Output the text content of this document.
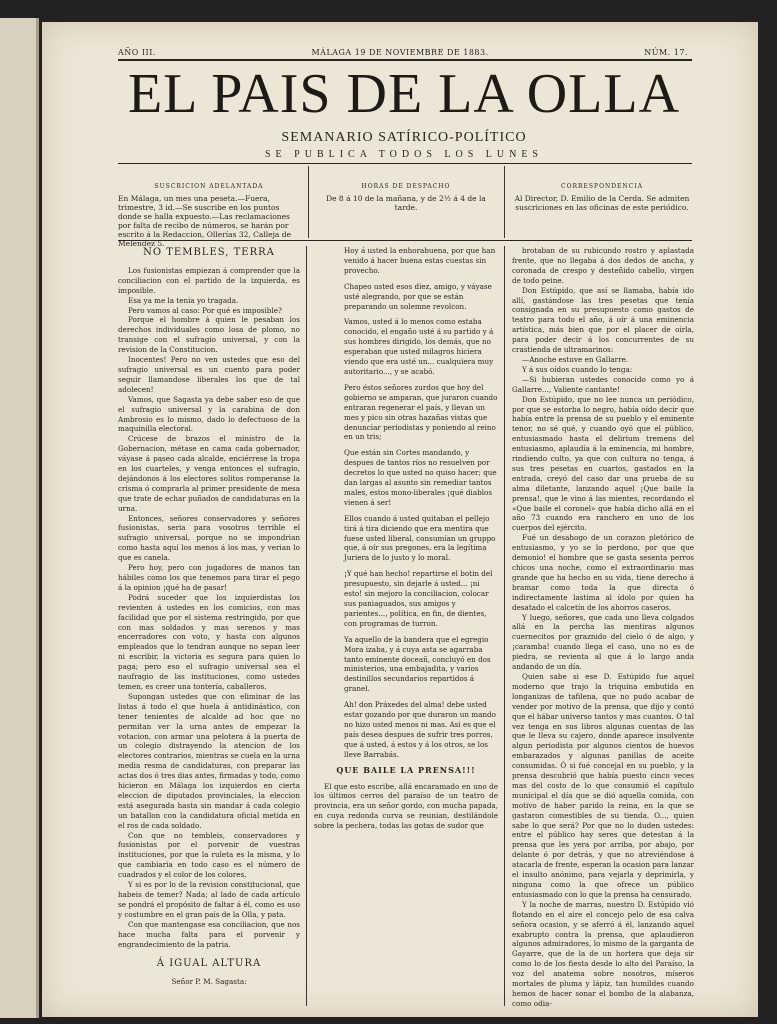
AÑO III.	MÁLAGA 19 DE NOVIEMBRE DE 1883.	NÚM. 17.
EL PAIS DE LA OLLA
SEMANARIO SATÍRICO-POLÍTICO
SE PUBLICA TODOS LOS LUNES
SUSCRICION ADELANTADA
En Málaga, un mes una peseta.—Fuera, trimestre, 3 id.—Se suscribe en los puntos donde se halla expuesto.—Las reclamaciones por falta de recibo de números, se harán por escrito á la Redaccion, Ollerías 32, Calleja de Melendez 5.
HORAS DE DESPACHO
De 8 á 10 de la mañana, y de 2½ á 4 de la tarde.
CORRESPONDENCIA
Al Director, D. Emilio de la Cerda. Se admiten suscriciones en las oficinas de este periódico.
NO TEMBLES, TERRA

Los fusionistas empiezan á comprender que la conciliacion con el partido de la izquierda, es imposible.

Esa ya me la tenia yo tragada.

Pero vamos al caso: Por qué es imposible?

Porque el hombre á quien le pesaban los derechos individuales como losa de plomo, no transige con el sufragio universal, y con la revision de la Constitucion.

Inocentes! Pero no ven ustedes que eso del sufragio universal es un cuento para poder seguir llamandose liberales los que de tal adolecen!

Vamos, que Sagasta ya debe saber eso de que el sufragio universal y la carabina de don Ambrosio es lo mismo, dado lo defectuoso de la maquinilla electoral.

Crúcese de brazos el ministro de la Gobernacion, métase en cama cada gobernador, váyase á paseo cada alcalde, enciérrese la tropa en los cuarteles, y venga entonces el sufragio, dejándonos á los electores solitos romperanse la crisma ó comprarla al primer presidente de mesa que trate de echar puñados de candidaturas en la urna.

Entonces, señores conservadores y señores fusionistas, seria para vosotros terrible el sufragio universal, porque no se impondrian como hasta aquí los menos á los mas, y verian lo que es canela.

Pero hoy, pero con jugadores de manos tan hábiles como los que tenemos para tirar el pego á la opinion ¡qué ha de pasar!

Podrá suceder que los izquierdistas los revienten á ustedes en los comicios, con mas facilidad que por el sistema restringido, por que con mas soldados y mas serenos y mas encerradores con voto, y hasta con algunos empleados que lo tendran aunque no sepan leer ni escribir, la victoria es segura para quien lo paga; pero eso el sufragio universal sea el naufragio de las instituciones, como ustedes temen, es creer una tontería, caballeros.

Supongan ustedes que con eliminar de las listas á todo el que huela á antidinástico, con tener tenientes de alcalde ad hoc que no permitan ver la urna antes de empezar la votacion, con armar una pelotera á la puerta de un colegio distrayendo la atencion de los electores contrarios, mientras se cuela en la urna media resma de candidaturas, con preparar las actas dos ó tres dias antes, firmadas y todo, como hicieron en Málaga los izquierdos en cierta eleccion de diputados provinciales, la eleccion está asegurada hasta sin mandar á cada colegio un batallon con la candidatura oficial metida en el ros de cada soldado.

Con que no tembleis, conservadores y fusionistas por el porvenir de vuestras instituciones, por que la ruleta es la misma, y lo que cambiaria en todo caso es el número de cuadrados y el color de los colores.

Y si es por lo de la revision constitucional, que habeis de temer? Nada; al lado de cada artículo se pondrá el propósito de faltar á él, como es uso y costumbre en el gran país de la Olla, y pata.

Con que mantengase esa conciliacion, que nos hace mucha falta para el porvenir y engrandecimiento de la patria.

Á IGUAL ALTURA

Señor P. M. Sagasta:

Hoy á usted la enhorabuena, por que han venido á hacer buena estas cuestas sin provecho.

Chapeo usted esos diez, amigo, y váyase usté alegrando, por que se están preparando un solemne revolcon.

Vamos, usted á lo menos como estaba conocido, el engaño usté á su partido y á sus hombres dirigido, los demás, que no esperaban que usted milagros hiciera viendo que era usté un... cualquiera muy autoritario..., y se acabó.

Pero éstos señores zurdos que hoy del gobierno se amparan, que juraron cuando entraran regenerar el país, y llevan un mes y pico sin otras hazañas vistas que denunciar periodistas y poniendo al reino en un tris;

Que están sin Cortes mandando, y despues de tantos ríos no resuelven por decretos lo que usted no quiso hacer; que dan largas al asunto sin remediar tantos males, estos mono-liberales ¡qué diablos vienen á ser!

Ellos cuando á usted quitaban el pellejo tirá á tira diciendo que era mentira que fuese usted liberal, consumían un gruppo que, á oír sus pregones, era la legítima Juriera de lo justo y lo moral.

¡Y qué han hecho! repartirse el botin del presupuesto, sin dejarle á usted... ¡ni esto! sin mejoro la conciliacion, colocar sus paniaguados, sus amigos y parientes..., política, en fin, de dientes, con programas de turron.

Ya aquello de la bandera que el egregio Mora izaba, y á cuya asta se agarraba tanto eminente doceañ, concluyó en dos ministerios, una embajadita, y varios destinillos secundarios repartidos á granel.

Ah! don Práxedes del alma! debe usted estar gozando por que duraron un mando no hizo usted menos ni mas. Asi es que el país desea despues de sufrir tres porros, que á usted, á estos y á los otros, se los lleve Barrabás.

QUE BAILE LA PRENSA!!!

El que esto escribe, allá encaramado en uno de los últimos cerros del paraíso de un teatro de provincia, era un señor gordo, con mucha papada, en cuya redonda curva se reunian, destilándole sobre la pechera, todas las gotas de sudor que

brotaban de su rubicundo rostro y aplastada frente, que no llegaba á dos dedos de ancha, y coronada de crespo y desteñido cabello, virgen de todo peine.

Don Estúpido, que así se llamaba, había ido allí, gastándose las tres pesetas que tenía consignada en su presupuesto como gastos de teatro para todo el año, á oír á una eminencia artística, más bien que por el placer de oírla, para poder decir á los concurrentes de su crastienda de ultramarinos:

—Anoche estuve en Gallarre.

Y á sus oídos cuando lo tenga:

—Si hubieran ustedes conocido como yo á Gallarre..., Valiente cantante!

Don Estúpido, que no lee nunca un periódico, por que se estorba lo negro, había oído decir que había entre la prensa de su pueblo y el eminente tenor, no sé qué, y cuando oyó que el público, entusiasmado hasta el delirium tremens del entusiasmo, aplaudía á la eminencia, mi hombre, rindiendo culto, ya que con cultura no tenga, á sus tres pesetas en cuartos, gastados en la entrada, creyó del caso dar una prueba de su alma diletante, lanzando aquel ¡Que baile la prensa!, que le vino á las mientes, recordando el «Que baile el coronel» que había dicho allá en el año 73 cuando era ranchero en uno de los cuerpos del ejército.

Fué un desahogo de un corazon pletórico de entusiasmo, y yo se lo perdono, por que que demonio! el hombre que se gasta sesenta perros chicos una noche, como el extraordinario mas grande que ha hecho en su vida, tiene derecho á bramar como toda la que directa ó indirectamente lastima al ídolo por quien ha desatado el calcetín de los ahorros caseros.

Y luego, señores, que cada uno lleva colgados allá en la percha las mentiras algunos cuernecitos por graznido del cielo ó de algo, y ¡caramba! cuando llega el caso, uno no es de piedra, se revienta al que á lo largo anda andando de un día.

Quien sabe si ese D. Estúpido fue aquel moderno que trajo la triquina embutida en longanizas de tafilena, que no pudo acabar de vender por motivo de la prensa, que dijo y contó que el hábar universo tantos y mas cuantos. O tal vez tenga en sus libros algunas cuentas de las que le lleva su cajero, donde aparece insolvente algun periodista por algunos cientos de huevos embarazados y algunas panillas de aceite consumidas. Ó si fué concejal en su pueblo, y la prensa descubrió que había puesto cinco veces mas del costo de lo que consumió el capítulo municipal el día que se dió aquella comida, con motivo de haber parido la reina, en la que se gastaron comestibles de su tienda. O..., quien sabe lo que será? Por que no lo duden ustedes: entre el público hay seres que detestan á la prensa que les yera por arriba, por abajo, por delante ó por detrás, y que no atreviéndose á atacarla de frente, esperan la ocasion para lanzar el insulto anónimo, para vejarla y deprimirla, y ninguna como la que ofrece un público entusiasmado con lo que la prensa ha censurado.

Y la noche de marras, nuestro D. Estúpido vió flotando en el aire el concejo pelo de esa calva señora ocasion, y se aferró á él, lanzando aquel exabrupto contra la prensa, que aplaudieron algunos admiradores, lo mismo de la garganta de Gayarre, que de la de un hortera que deja sir como lo de los fiesta desde lo alto del Paraíso, la voz del anatema sobre nosotros, míseros mortales de pluma y lápiz, tan humildes cuando hemos de hacer sonar el bombo de la alabanza, como odia-
